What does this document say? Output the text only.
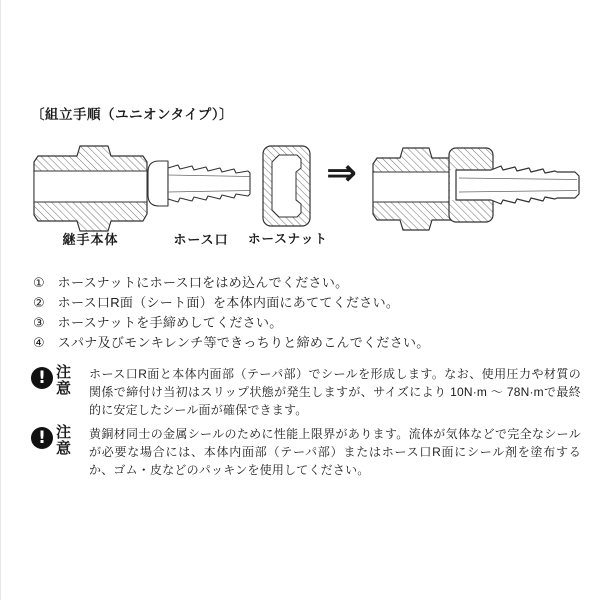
〔組立手順（ユニオンタイプ）〕
⇒
継手本体	ホース口	ホースナット
① ホースナットにホース口をはめ込んでください。
② ホース口R面（シート面）を本体内面にあててください。
③ ホースナットを手締めしてください。
④ スパナ及びモンキレンチ等できっちりと締めこんでください。
! 注
意

ホース口R面と本体内面部（テーパ部）でシールを形成します。なお、使用圧力や材質の関係で締付け当初はスリップ状態が発生しますが、サイズにより 10N·m ～ 78N·mで最終的に安定したシール面が確保できます。

! 注
意

黄銅材同士の金属シールのために性能上限界があります。流体が気体などで完全なシールが必要な場合には、本体内面部（テーパ部）またはホース口R面にシール剤を塗布するか、ゴム・皮などのパッキンを使用してください。
